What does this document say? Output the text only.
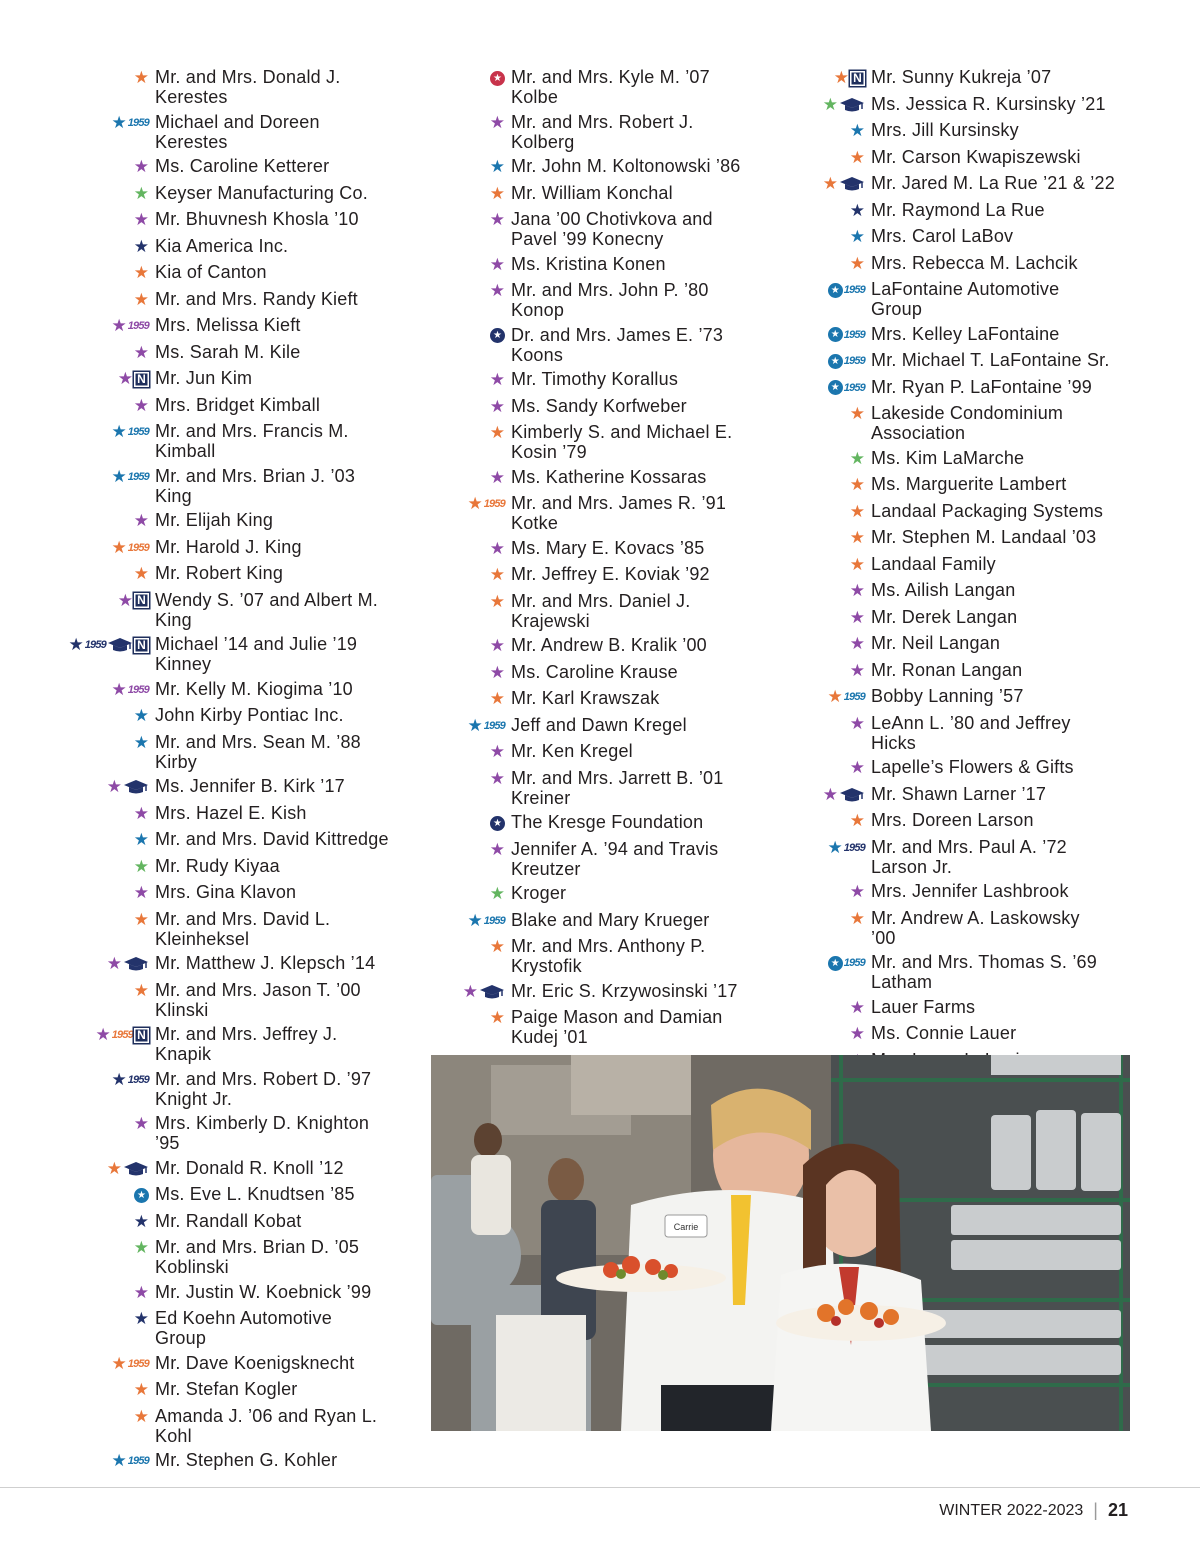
★ Mr. and Mrs. Donald J.
Kerestes
★ 1959 Michael and Doreen
Kerestes
★ Ms. Caroline Ketterer
★ Keyser Manufacturing Co.
★ Mr. Bhuvnesh Khosla ’10
★ Kia America Inc.
★ Kia of Canton
★ Mr. and Mrs. Randy Kieft
★ 1959 Mrs. Melissa Kieft
★ Ms. Sarah M. Kile
★ N Mr. Jun Kim
★ Mrs. Bridget Kimball
★ 1959 Mr. and Mrs. Francis M.
Kimball
★ 1959 Mr. and Mrs. Brian J. ’03
King
★ Mr. Elijah King
★ 1959 Mr. Harold J. King
★ Mr. Robert King
★ N Wendy S. ’07 and Albert M.
King
★ 1959	N Michael ’14 and Julie ’19
Kinney
★ 1959 Mr. Kelly M. Kiogima ’10
★ John Kirby Pontiac Inc.
★ Mr. and Mrs. Sean M. ’88
Kirby
★ Ms. Jennifer B. Kirk ’17
★ Mrs. Hazel E. Kish
★ Mr. and Mrs. David Kittredge
★ Mr. Rudy Kiyaa
★ Mrs. Gina Klavon
★ Mr. and Mrs. David L.
Kleinheksel
★ Mr. Matthew J. Klepsch ’14
★ Mr. and Mrs. Jason T. ’00
Klinski
★ 1959 N Mr. and Mrs. Jeffrey J.
Knapik
★ 1959 Mr. and Mrs. Robert D. ’97
Knight Jr.
★ Mrs. Kimberly D. Knighton
’95
★ Mr. Donald R. Knoll ’12
★ Ms. Eve L. Knudtsen ’85
★ Mr. Randall Kobat
★ Mr. and Mrs. Brian D. ’05
Koblinski
★ Mr. Justin W. Koebnick ’99
★ Ed Koehn Automotive
Group
★ 1959 Mr. Dave Koenigsknecht
★ Mr. Stefan Kogler
★ Amanda J. ’06 and Ryan L.
Kohl
★ 1959 Mr. Stephen G. Kohler
★ Mr. and Mrs. Kyle M. ’07
Kolbe
★ Mr. and Mrs. Robert J.
Kolberg
★ Mr. John M. Koltonowski ’86
★ Mr. William Konchal
★ Jana ’00 Chotivkova and
Pavel ’99 Konecny
★ Ms. Kristina Konen
★ Mr. and Mrs. John P. ’80
Konop
★ Dr. and Mrs. James E. ’73
Koons
★ Mr. Timothy Korallus
★ Ms. Sandy Korfweber
★ Kimberly S. and Michael E.
Kosin ’79
★ Ms. Katherine Kossaras
★ 1959 Mr. and Mrs. James R. ’91
Kotke
★ Ms. Mary E. Kovacs ’85
★ Mr. Jeffrey E. Koviak ’92
★ Mr. and Mrs. Daniel J.
Krajewski
★ Mr. Andrew B. Kralik ’00
★ Ms. Caroline Krause
★ Mr. Karl Krawszak
★ 1959 Jeff and Dawn Kregel
★ Mr. Ken Kregel
★ Mr. and Mrs. Jarrett B. ’01
Kreiner
★ The Kresge Foundation
★ Jennifer A. ’94 and Travis
Kreutzer
★ Kroger
★ 1959 Blake and Mary Krueger
★ Mr. and Mrs. Anthony P.
Krystofik
★ Mr. Eric S. Krzywosinski ’17
★ Paige Mason and Damian
Kudej ’01
★ N Mr. Sunny Kukreja ’07
★ Ms. Jessica R. Kursinsky ’21
★ Mrs. Jill Kursinsky
★ Mr. Carson Kwapiszewski
★ Mr. Jared M. La Rue ’21 & ’22
★ Mr. Raymond La Rue
★ Mrs. Carol LaBov
★ Mrs. Rebecca M. Lachcik
★ 1959 LaFontaine Automotive
Group
★ 1959 Mrs. Kelley LaFontaine
★ 1959 Mr. Michael T. LaFontaine Sr.
★ 1959 Mr. Ryan P. LaFontaine ’99
★ Lakeside Condominium
Association
★ Ms. Kim LaMarche
★ Ms. Marguerite Lambert
★ Landaal Packaging Systems
★ Mr. Stephen M. Landaal ’03
★ Landaal Family
★ Ms. Ailish Langan
★ Mr. Derek Langan
★ Mr. Neil Langan
★ Mr. Ronan Langan
★ 1959 Bobby Lanning ’57
★ LeAnn L. ’80 and Jeffrey
Hicks
★ Lapelle’s Flowers & Gifts
★ Mr. Shawn Larner ’17
★ Mrs. Doreen Larson
★ 1959 Mr. and Mrs. Paul A. ’72
Larson Jr.
★ Mrs. Jennifer Lashbrook
★ Mr. Andrew A. Laskowsky
’00
★ 1959 Mr. and Mrs. Thomas S. ’69
Latham
★ Lauer Farms
★ Ms. Connie Lauer
Carrie
WINTER 2022-2023 | 21
